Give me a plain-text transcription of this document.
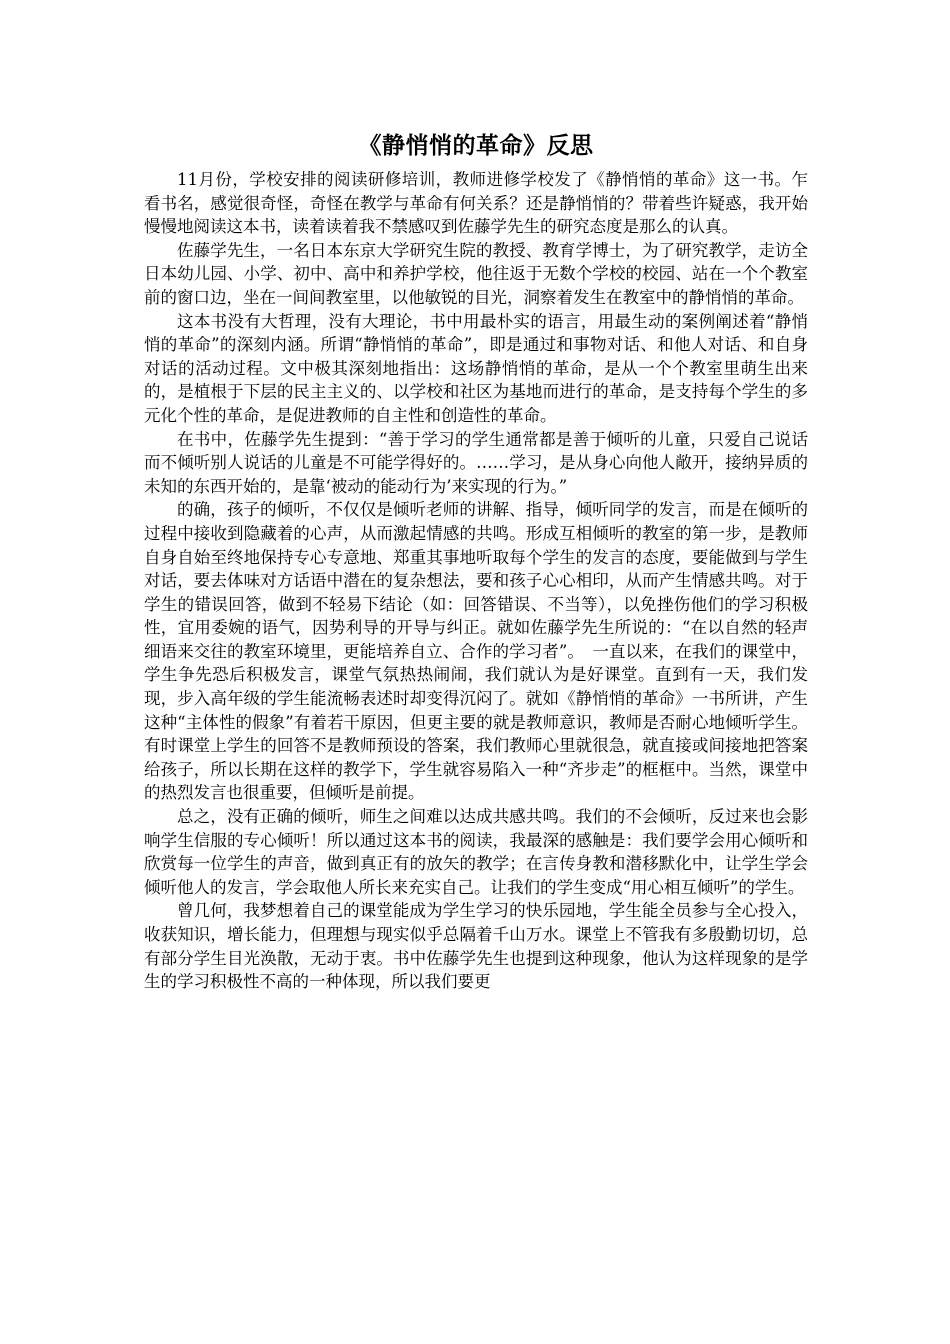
《静悄悄的革命》反思

11月份，学校安排的阅读研修培训，教师进修学校发了《静悄悄的革命》这一书。乍看书名，感觉很奇怪，奇怪在教学与革命有何关系？还是静悄悄的？带着些许疑惑，我开始慢慢地阅读这本书，读着读着我不禁感叹到佐藤学先生的研究态度是那么的认真。

佐藤学先生，一名日本东京大学研究生院的教授、教育学博士，为了研究教学，走访全日本幼儿园、小学、初中、高中和养护学校，他往返于无数个学校的校园、站在一个个教室前的窗口边，坐在一间间教室里，以他敏锐的目光，洞察着发生在教室中的静悄悄的革命。

这本书没有大哲理，没有大理论，书中用最朴实的语言，用最生动的案例阐述着“静悄悄的革命”的深刻内涵。所谓“静悄悄的革命”，即是通过和事物对话、和他人对话、和自身对话的活动过程。文中极其深刻地指出：这场静悄悄的革命，是从一个个教室里萌生出来的，是植根于下层的民主主义的、以学校和社区为基地而进行的革命，是支持每个学生的多元化个性的革命，是促进教师的自主性和创造性的革命。

在书中，佐藤学先生提到：“善于学习的学生通常都是善于倾听的儿童，只爱自己说话而不倾听别人说话的儿童是不可能学得好的。……学习，是从身心向他人敞开，接纳异质的未知的东西开始的，是靠‘被动的能动行为’来实现的行为。”

的确，孩子的倾听，不仅仅是倾听老师的讲解、指导，倾听同学的发言，而是在倾听的过程中接收到隐藏着的心声，从而激起情感的共鸣。形成互相倾听的教室的第一步，是教师自身自始至终地保持专心专意地、郑重其事地听取每个学生的发言的态度，要能做到与学生对话，要去体味对方话语中潜在的复杂想法，要和孩子心心相印，从而产生情感共鸣。对于学生的错误回答，做到不轻易下结论（如：回答错误、不当等），以免挫伤他们的学习积极性，宜用委婉的语气，因势利导的开导与纠正。就如佐藤学先生所说的：“在以自然的轻声细语来交往的教室环境里，更能培养自立、合作的学习者”。　一直以来，在我们的课堂中，学生争先恐后积极发言，课堂气氛热热闹闹，我们就认为是好课堂。直到有一天，我们发现，步入高年级的学生能流畅表述时却变得沉闷了。就如《静悄悄的革命》一书所讲，产生这种“主体性的假象”有着若干原因，但更主要的就是教师意识，教师是否耐心地倾听学生。有时课堂上学生的回答不是教师预设的答案，我们教师心里就很急，就直接或间接地把答案给孩子，所以长期在这样的教学下，学生就容易陷入一种“齐步走”的框框中。当然，课堂中的热烈发言也很重要，但倾听是前提。

总之，没有正确的倾听，师生之间难以达成共感共鸣。我们的不会倾听，反过来也会影响学生信服的专心倾听！所以通过这本书的阅读，我最深的感触是：我们要学会用心倾听和欣赏每一位学生的声音，做到真正有的放矢的教学；在言传身教和潜移默化中，让学生学会倾听他人的发言，学会取他人所长来充实自己。让我们的学生变成“用心相互倾听”的学生。

曾几何，我梦想着自己的课堂能成为学生学习的快乐园地，学生能全员参与全心投入，收获知识，增长能力，但理想与现实似乎总隔着千山万水。课堂上不管我有多殷勤切切，总有部分学生目光涣散，无动于衷。书中佐藤学先生也提到这种现象，他认为这样现象的是学生的学习积极性不高的一种体现，所以我们要更
